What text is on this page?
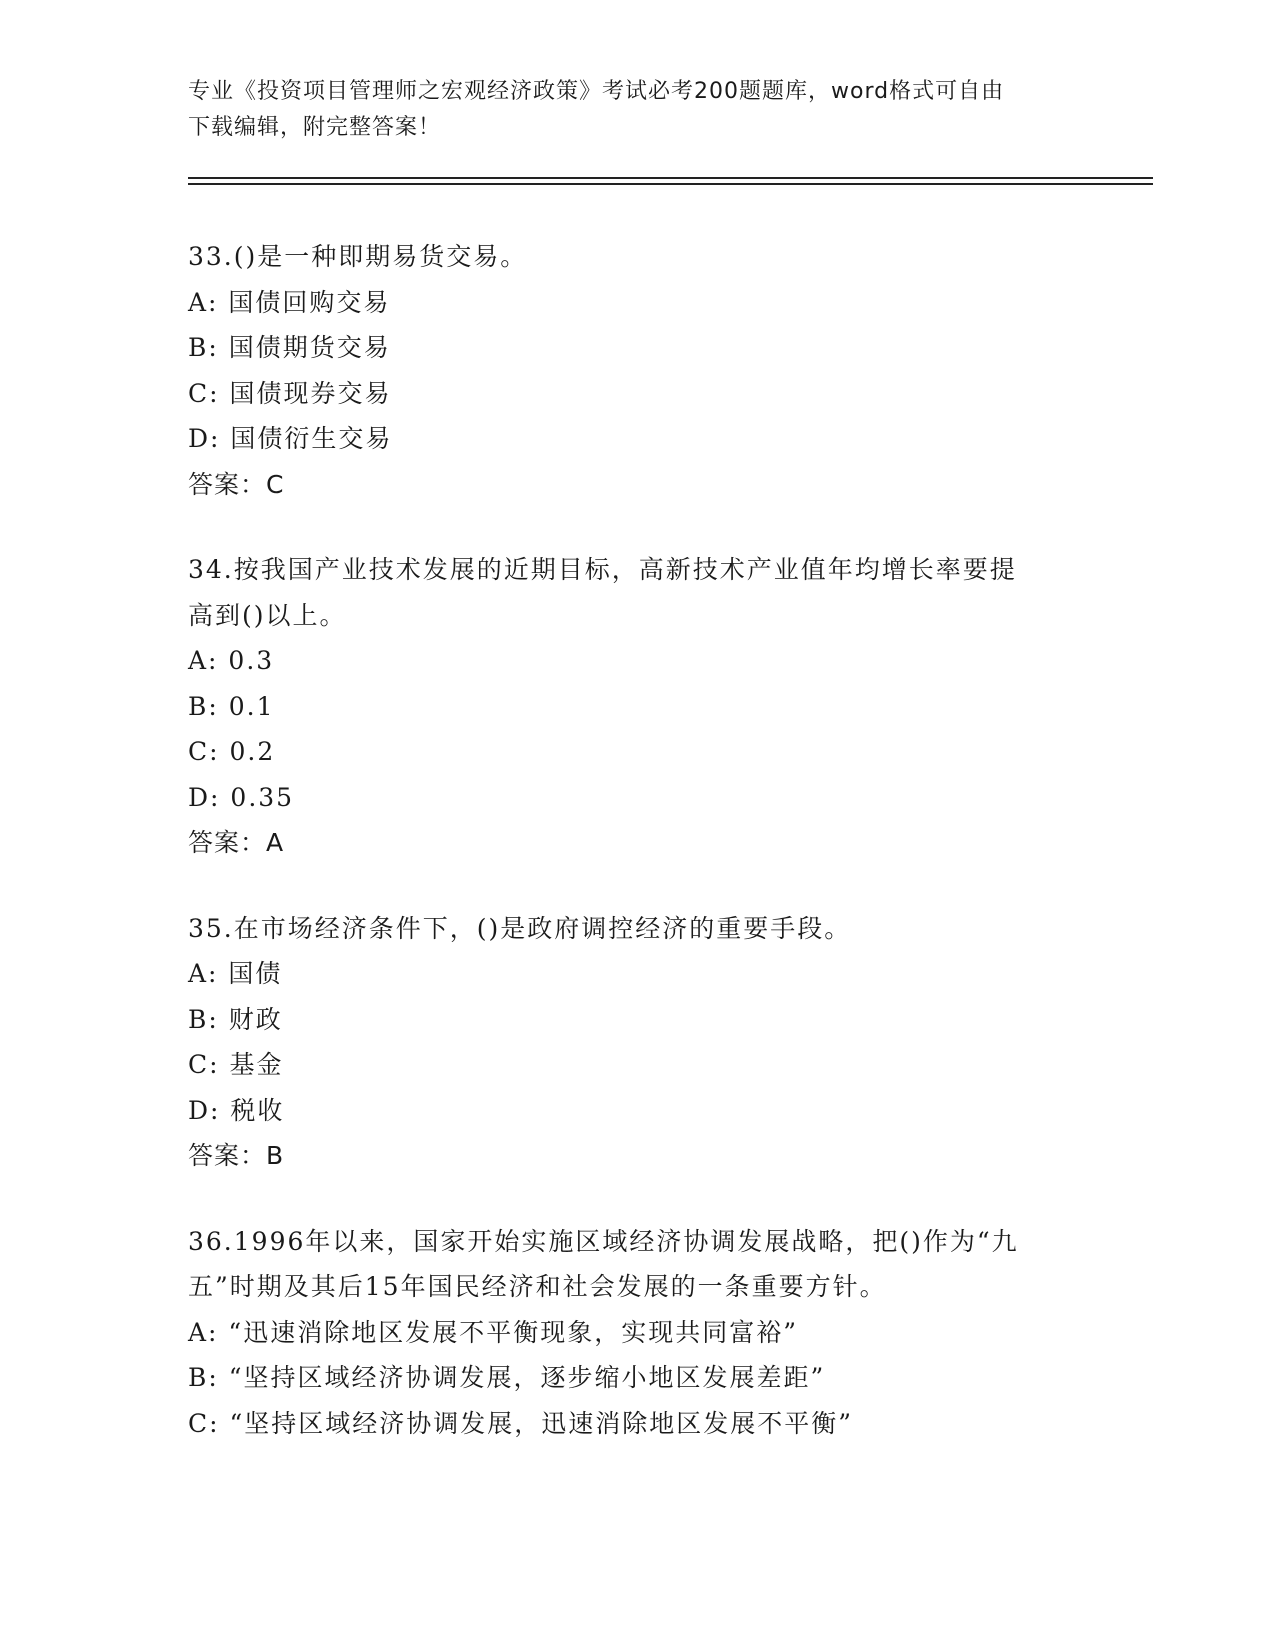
专业《投资项目管理师之宏观经济政策》考试必考200题题库，word格式可自由
下载编辑，附完整答案！
33.()是一种即期易货交易。
A: 国债回购交易
B: 国债期货交易
C: 国债现券交易
D: 国债衍生交易
答案：C
34.按我国产业技术发展的近期目标，高新技术产业值年均增长率要提
高到()以上。
A: 0.3
B: 0.1
C: 0.2
D: 0.35
答案：A
35.在市场经济条件下，()是政府调控经济的重要手段。
A: 国债
B: 财政
C: 基金
D: 税收
答案：B
36.1996年以来，国家开始实施区域经济协调发展战略，把()作为“九
五”时期及其后15年国民经济和社会发展的一条重要方针。
A: “迅速消除地区发展不平衡现象，实现共同富裕”
B: “坚持区域经济协调发展，逐步缩小地区发展差距”
C: “坚持区域经济协调发展，迅速消除地区发展不平衡”
